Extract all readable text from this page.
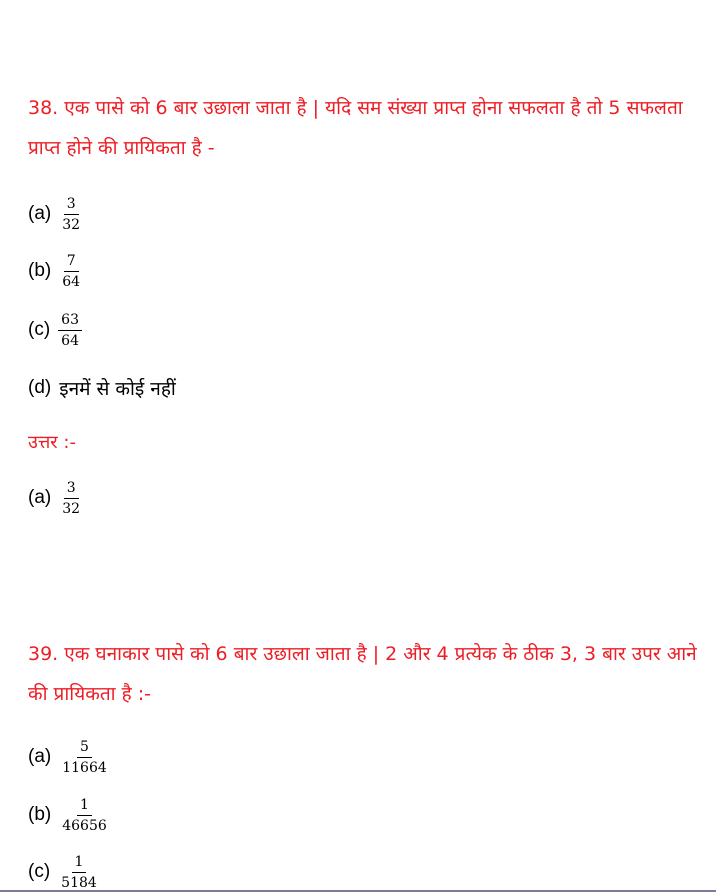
38. एक पासे को 6 बार उछाला जाता है | यदि सम संख्या प्राप्त होना सफलता है तो 5 सफलता प्राप्त होने की प्रायिकता है -

$(a) \frac{3}{32}$
$(b) \frac{7}{64}$
$(c) \frac{63}{64}$
(d) इनमें से कोई नहीं
उत्तर :-
$(a) \frac{3}{32}$

39. एक घनाकार पासे को 6 बार उछाला जाता है | 2 और 4 प्रत्येक के ठीक 3, 3 बार उपर आने की प्रायिकता है :-

$(a) \frac{5}{11664}$
$(b) \frac{1}{46656}$
$(c) \frac{1}{5184}$
